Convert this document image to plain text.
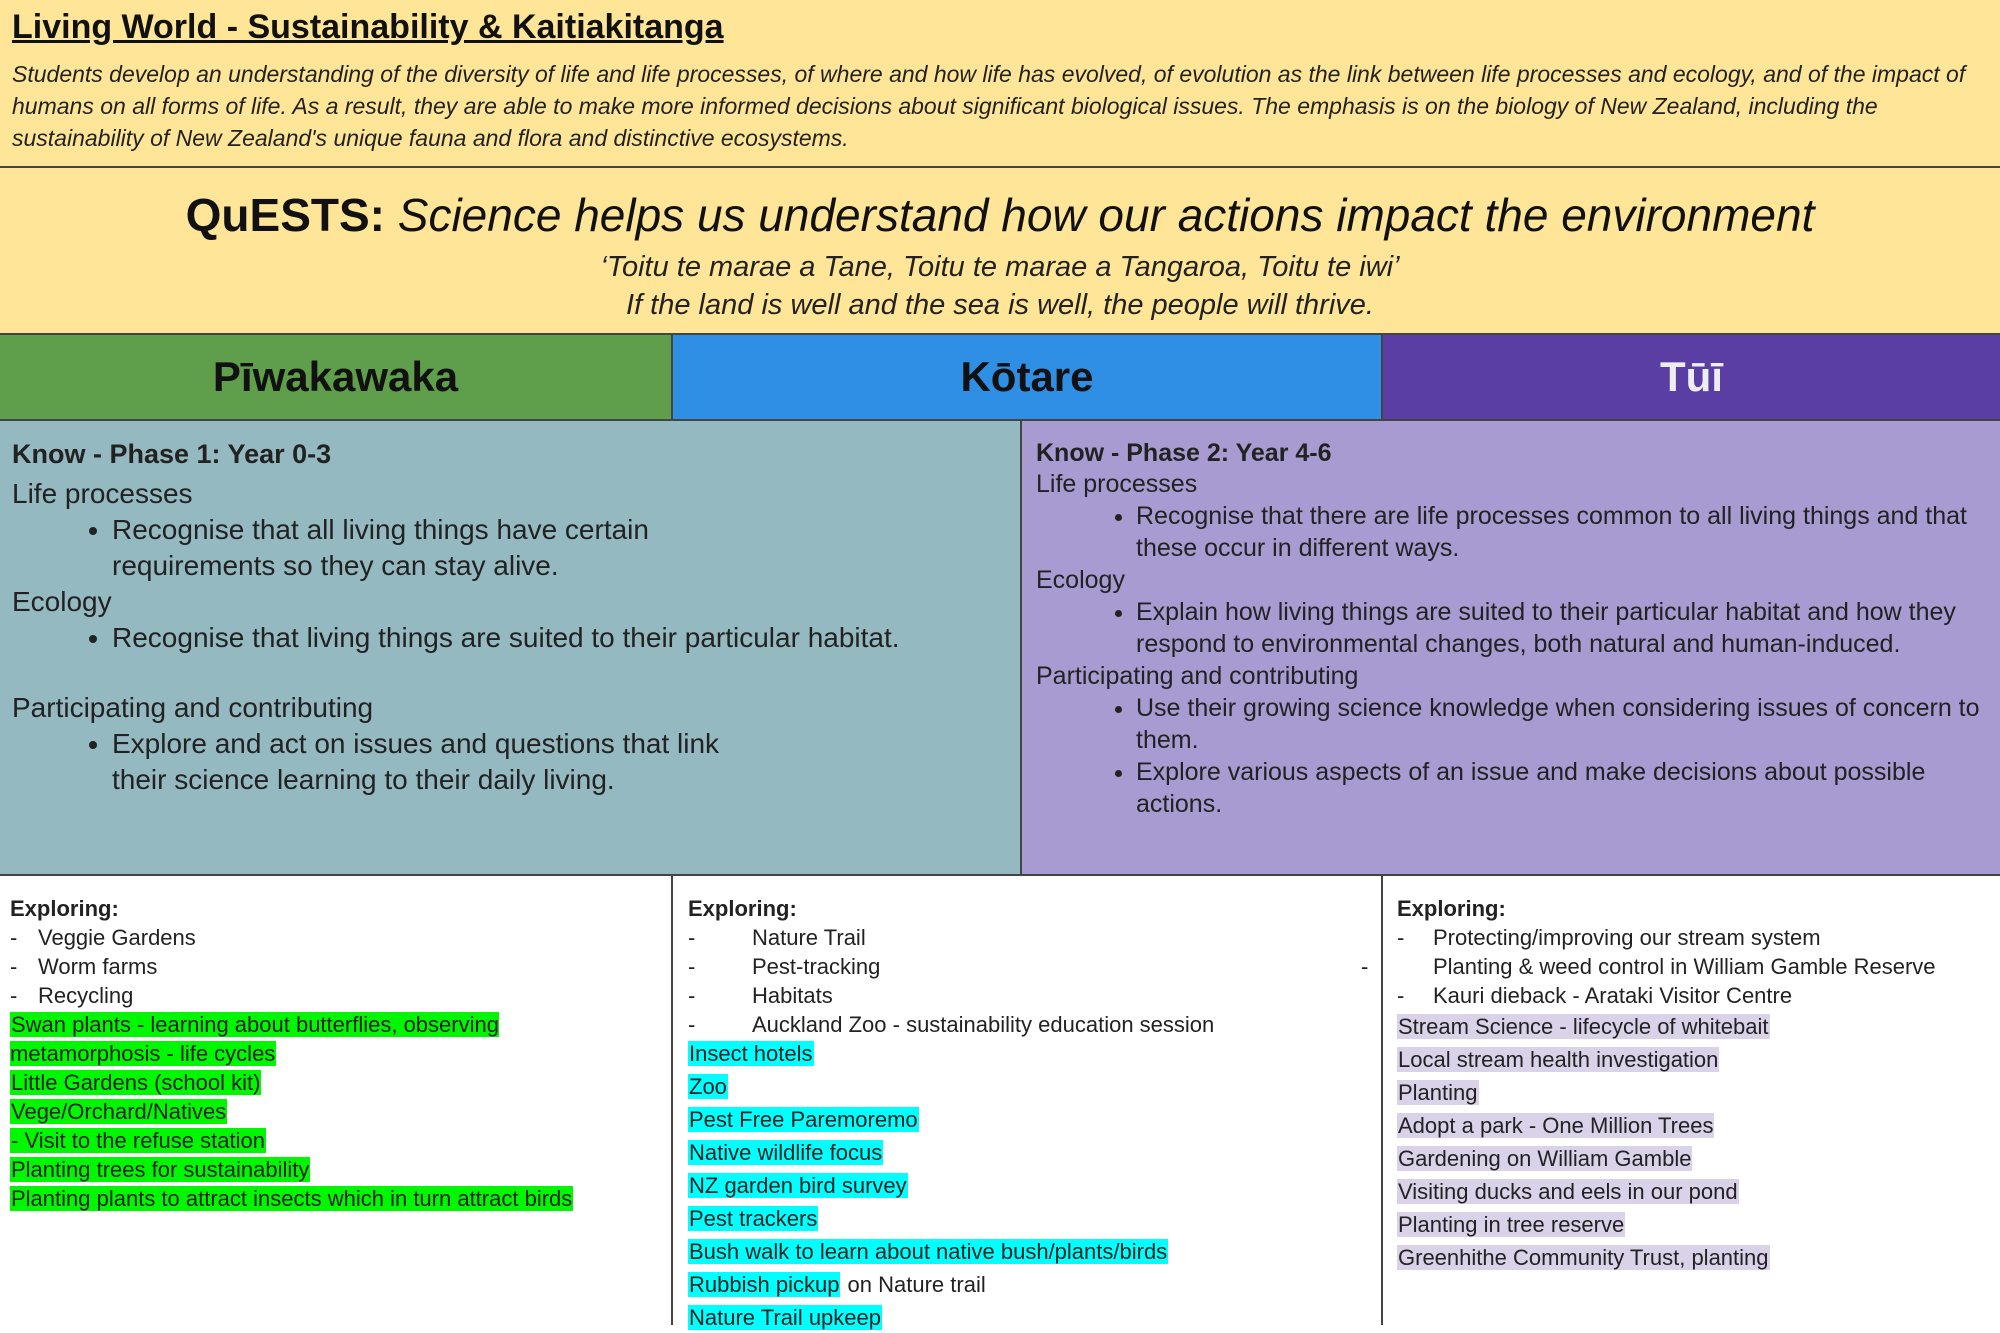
Living World - Sustainability & Kaitiakitanga

Students develop an understanding of the diversity of life and life processes, of where and how life has evolved, of evolution as the link between life processes and ecology, and of the impact of humans on all forms of life. As a result, they are able to make more informed decisions about significant biological issues. The emphasis is on the biology of New Zealand, including the sustainability of New Zealand's unique fauna and flora and distinctive ecosystems.

QuESTS: Science helps us understand how our actions impact the environment
‘Toitu te marae a Tane, Toitu te marae a Tangaroa, Toitu te iwi’
If the land is well and the sea is well, the people will thrive.
Pīwakawaka	Kōtare	Tūī
Know - Phase 1: Year 0-3

Life processes

• Recognise that all living things have certain requirements so they can stay alive.

Ecology

• Recognise that living things are suited to their particular habitat.

Participating and contributing

• Explore and act on issues and questions that link their science learning to their daily living.
Know - Phase 2: Year 4-6

Life processes

• Recognise that there are life processes common to all living things and that these occur in different ways.

Ecology

• Explain how living things are suited to their particular habitat and how they respond to environmental changes, both natural and human-induced.

Participating and contributing

• Use their growing science knowledge when considering issues of concern to them.
• Explore various aspects of an issue and make decisions about possible actions.
Exploring:
- Veggie Gardens
- Worm farms
- Recycling
Swan plants - learning about butterflies, observing metamorphosis - life cycles
Little Gardens (school kit)
Vege/Orchard/Natives
- Visit to the refuse station
Planting trees for sustainability
Planting plants to attract insects which in turn attract birds
Exploring:
-	Nature Trail
-	Pest-tracking
-	Habitats
-	Auckland Zoo - sustainability education session
Insect hotels
Zoo
Pest Free Paremoremo
Native wildlife focus
NZ garden bird survey
Pest trackers
Bush walk to learn about native bush/plants/birds
Rubbish pickup on Nature trail
Nature Trail upkeep
Exploring:
- Protecting/improving our stream system
-	Planting & weed control in William Gamble Reserve
- Kauri dieback - Arataki Visitor Centre
Stream Science - lifecycle of whitebait
Local stream health investigation
Planting
Adopt a park - One Million Trees
Gardening on William Gamble
Visiting ducks and eels in our pond
Planting in tree reserve
Greenhithe Community Trust, planting
